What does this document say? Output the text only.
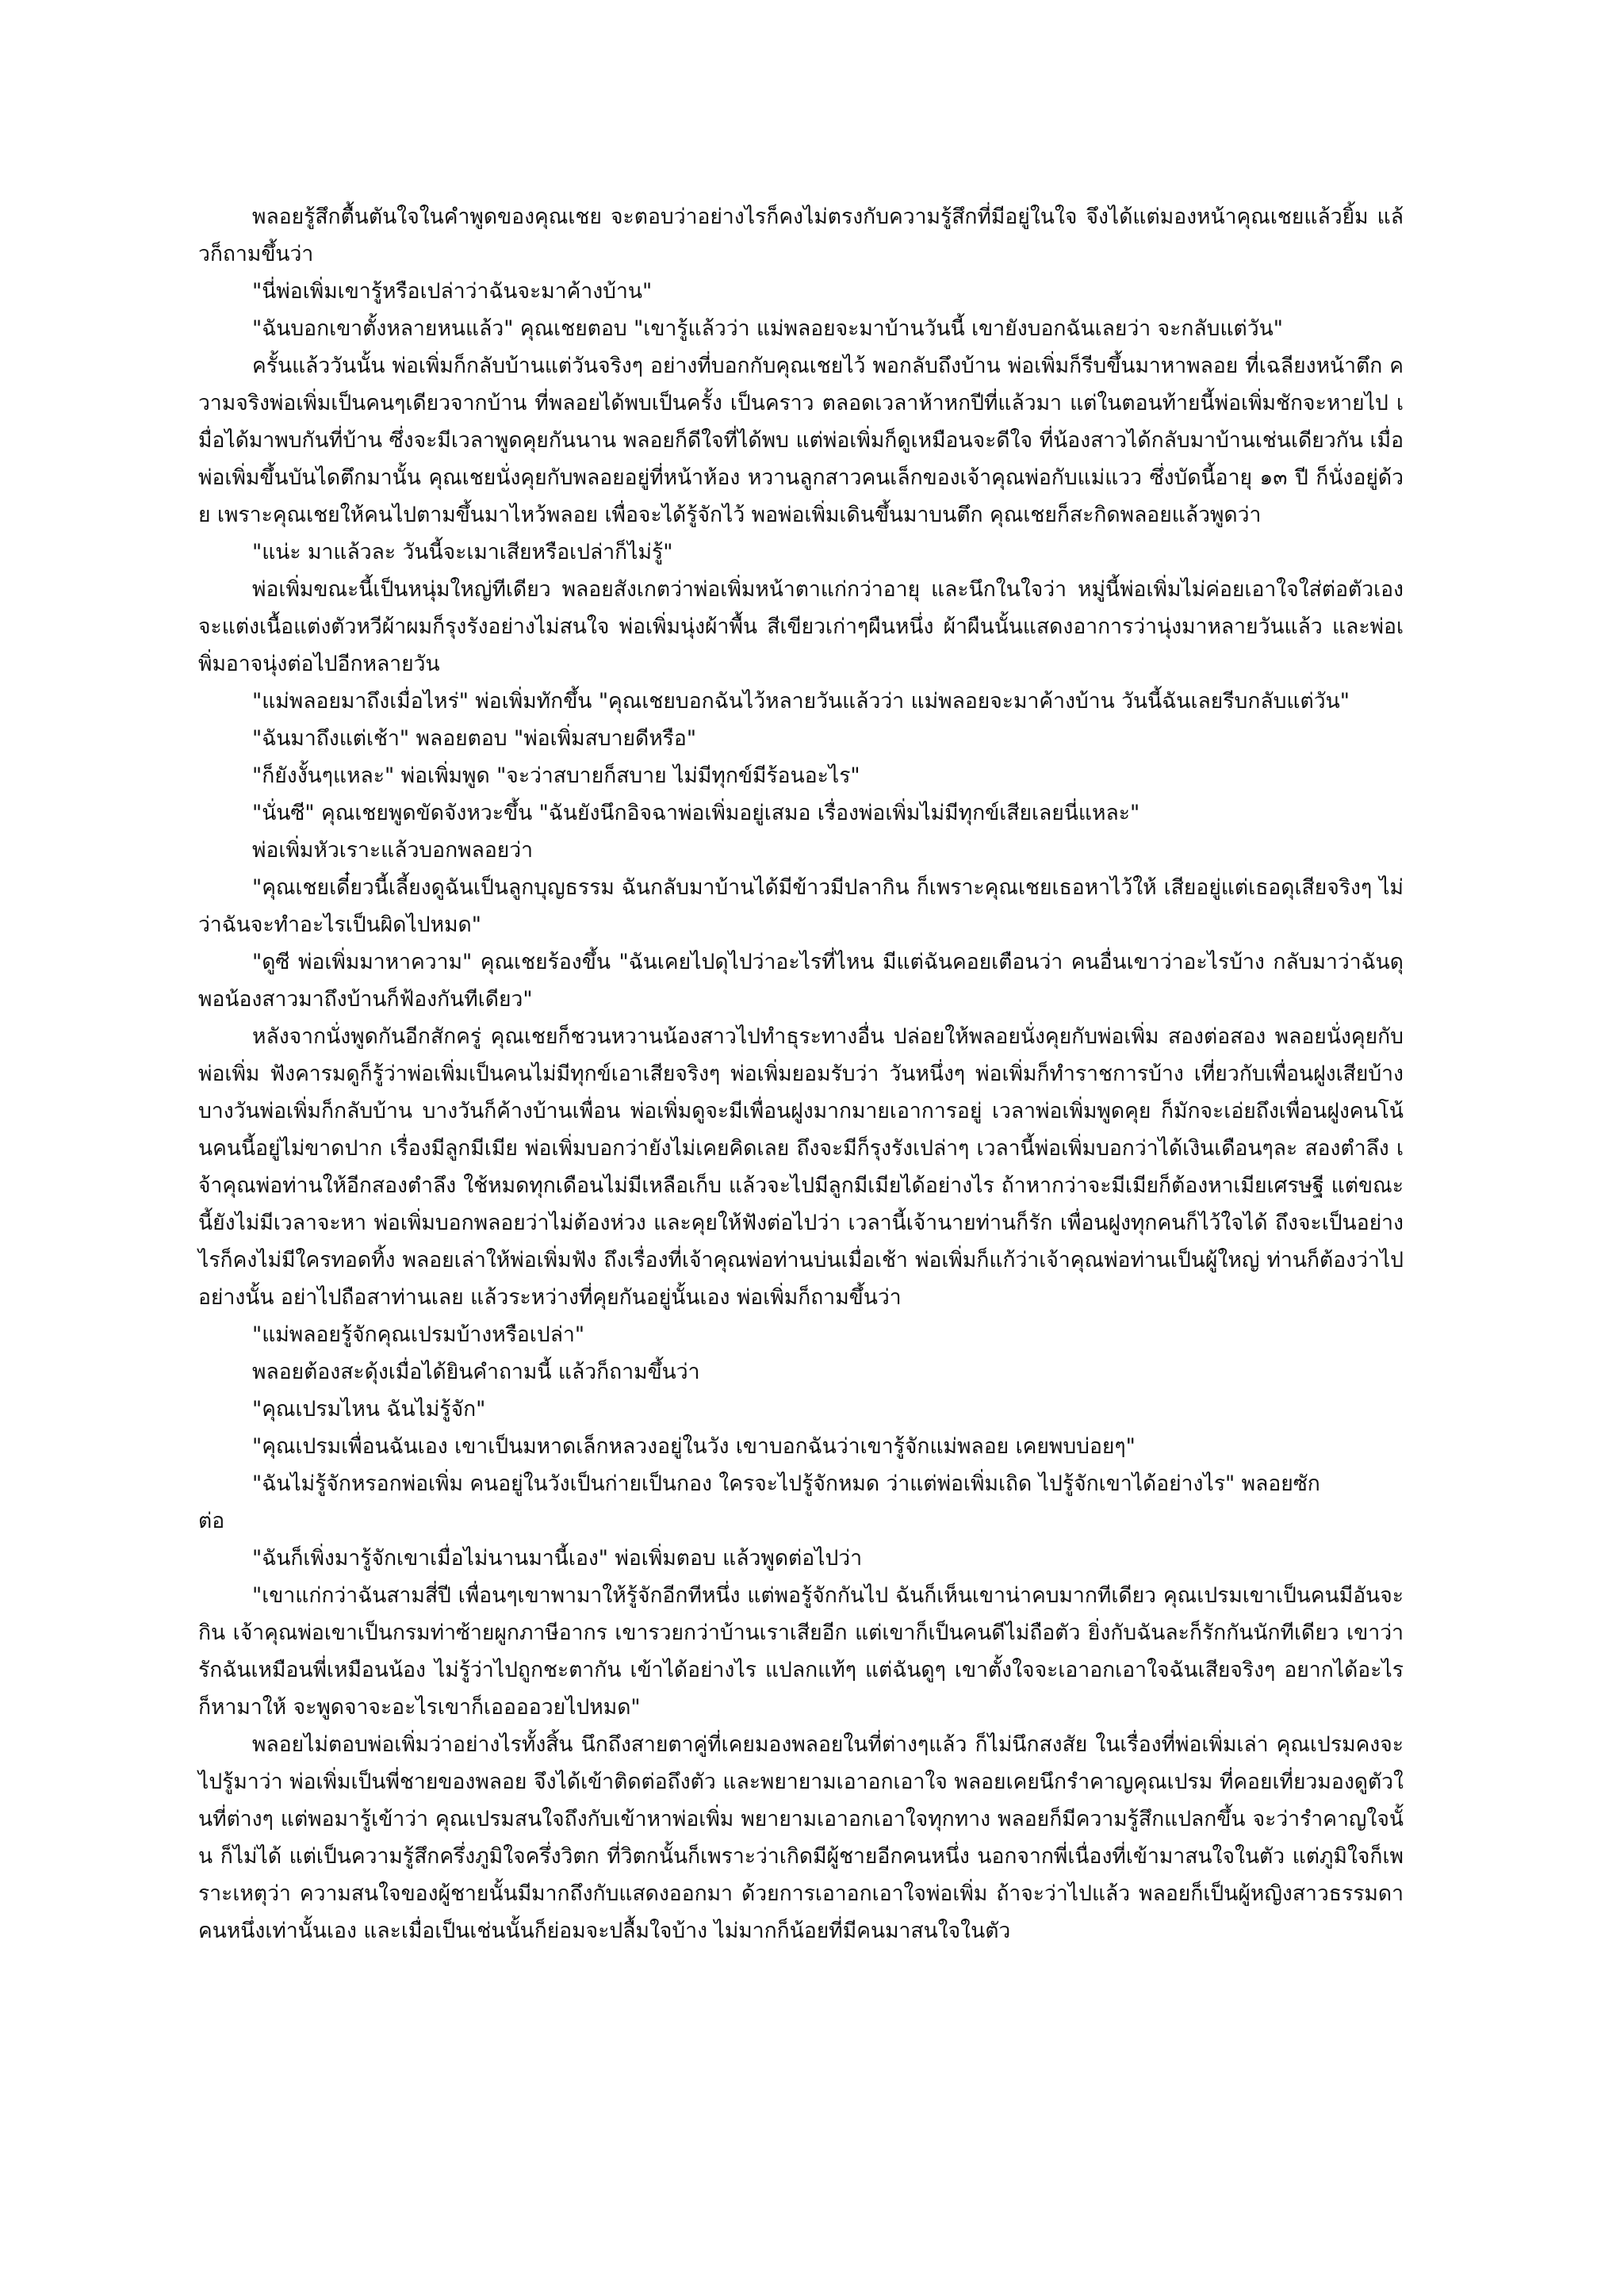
พลอยรู้สึกตื้นตันใจในคำพูดของคุณเชย จะตอบว่าอย่างไรก็คงไม่ตรงกับความรู้สึกที่มีอยู่ในใจ จึงได้แต่มองหน้าคุณเชยแล้วยิ้ม แล้วก็ถามขึ้นว่า

"นี่พ่อเพิ่มเขารู้หรือเปล่าว่าฉันจะมาค้างบ้าน"

"ฉันบอกเขาตั้งหลายหนแล้ว" คุณเชยตอบ "เขารู้แล้วว่า แม่พลอยจะมาบ้านวันนี้ เขายังบอกฉันเลยว่า จะกลับแต่วัน"

ครั้นแล้ววันนั้น พ่อเพิ่มก็กลับบ้านแต่วันจริงๆ อย่างที่บอกกับคุณเชยไว้ พอกลับถึงบ้าน พ่อเพิ่มก็รีบขึ้นมาหาพลอย ที่เฉลียงหน้าตึก ความจริงพ่อเพิ่มเป็นคนๆเดียวจากบ้าน ที่พลอยได้พบเป็นครั้ง เป็นคราว ตลอดเวลาห้าหกปีที่แล้วมา แต่ในตอนท้ายนี้พ่อเพิ่มชักจะหายไป เมื่อได้มาพบกันที่บ้าน ซึ่งจะมีเวลาพูดคุยกันนาน พลอยก็ดีใจที่ได้พบ แต่พ่อเพิ่มก็ดูเหมือนจะดีใจ ที่น้องสาวได้กลับมาบ้านเช่นเดียวกัน เมื่อพ่อเพิ่มขึ้นบันไดตึกมานั้น คุณเชยนั่งคุยกับพลอยอยู่ที่หน้าห้อง หวานลูกสาวคนเล็กของเจ้าคุณพ่อกับแม่แวว ซึ่งบัดนี้อายุ ๑๓ ปี ก็นั่งอยู่ด้วย เพราะคุณเชยให้คนไปตามขึ้นมาไหว้พลอย เพื่อจะได้รู้จักไว้ พอพ่อเพิ่มเดินขึ้นมาบนตึก คุณเชยก็สะกิดพลอยแล้วพูดว่า

"แน่ะ มาแล้วละ วันนี้จะเมาเสียหรือเปล่าก็ไม่รู้"

พ่อเพิ่มขณะนี้เป็นหนุ่มใหญ่ทีเดียว พลอยสังเกตว่าพ่อเพิ่มหน้าตาแก่กว่าอายุ และนึกในใจว่า หมู่นี้พ่อเพิ่มไม่ค่อยเอาใจใส่ต่อตัวเอง จะแต่งเนื้อแต่งตัวหวีผ้าผมก็รุงรังอย่างไม่สนใจ พ่อเพิ่มนุ่งผ้าพื้น สีเขียวเก่าๆผืนหนึ่ง ผ้าผืนนั้นแสดงอาการว่านุ่งมาหลายวันแล้ว และพ่อเพิ่มอาจนุ่งต่อไปอีกหลายวัน

"แม่พลอยมาถึงเมื่อไหร่" พ่อเพิ่มทักขึ้น "คุณเชยบอกฉันไว้หลายวันแล้วว่า แม่พลอยจะมาค้างบ้าน วันนี้ฉันเลยรีบกลับแต่วัน"

"ฉันมาถึงแต่เช้า" พลอยตอบ "พ่อเพิ่มสบายดีหรือ"

"ก็ยังงั้นๆแหละ" พ่อเพิ่มพูด "จะว่าสบายก็สบาย ไม่มีทุกข์มีร้อนอะไร"

"นั่นซี" คุณเชยพูดขัดจังหวะขึ้น "ฉันยังนึกอิจฉาพ่อเพิ่มอยู่เสมอ เรื่องพ่อเพิ่มไม่มีทุกข์เสียเลยนี่แหละ"

พ่อเพิ่มหัวเราะแล้วบอกพลอยว่า

"คุณเชยเดี๋ยวนี้เลี้ยงดูฉันเป็นลูกบุญธรรม ฉันกลับมาบ้านได้มีข้าวมีปลากิน ก็เพราะคุณเชยเธอหาไว้ให้ เสียอยู่แต่เธอดุเสียจริงๆ ไม่ว่าฉันจะทำอะไรเป็นผิดไปหมด"

"ดูซี พ่อเพิ่มมาหาความ" คุณเชยร้องขึ้น "ฉันเคยไปดุไปว่าอะไรที่ไหน มีแต่ฉันคอยเตือนว่า คนอื่นเขาว่าอะไรบ้าง กลับมาว่าฉันดุ พอน้องสาวมาถึงบ้านก็ฟ้องกันทีเดียว"

หลังจากนั่งพูดกันอีกสักครู่ คุณเชยก็ชวนหวานน้องสาวไปทำธุระทางอื่น ปล่อยให้พลอยนั่งคุยกับพ่อเพิ่ม สองต่อสอง พลอยนั่งคุยกับพ่อเพิ่ม ฟังคารมดูก็รู้ว่าพ่อเพิ่มเป็นคนไม่มีทุกข์เอาเสียจริงๆ พ่อเพิ่มยอมรับว่า วันหนึ่งๆ พ่อเพิ่มก็ทำราชการบ้าง เที่ยวกับเพื่อนฝูงเสียบ้าง บางวันพ่อเพิ่มก็กลับบ้าน บางวันก็ค้างบ้านเพื่อน พ่อเพิ่มดูจะมีเพื่อนฝูงมากมายเอาการอยู่ เวลาพ่อเพิ่มพูดคุย ก็มักจะเอ่ยถึงเพื่อนฝูงคนโน้นคนนี้อยู่ไม่ขาดปาก เรื่องมีลูกมีเมีย พ่อเพิ่มบอกว่ายังไม่เคยคิดเลย ถึงจะมีก็รุงรังเปล่าๆ เวลานี้พ่อเพิ่มบอกว่าได้เงินเดือนๆละ สองตำลึง เจ้าคุณพ่อท่านให้อีกสองตำลึง ใช้หมดทุกเดือนไม่มีเหลือเก็บ แล้วจะไปมีลูกมีเมียได้อย่างไร ถ้าหากว่าจะมีเมียก็ต้องหาเมียเศรษฐี แต่ขณะนี้ยังไม่มีเวลาจะหา พ่อเพิ่มบอกพลอยว่าไม่ต้องห่วง และคุยให้ฟังต่อไปว่า เวลานี้เจ้านายท่านก็รัก เพื่อนฝูงทุกคนก็ไว้ใจได้ ถึงจะเป็นอย่างไรก็คงไม่มีใครทอดทิ้ง พลอยเล่าให้พ่อเพิ่มฟัง ถึงเรื่องที่เจ้าคุณพ่อท่านบ่นเมื่อเช้า พ่อเพิ่มก็แก้ว่าเจ้าคุณพ่อท่านเป็นผู้ใหญ่ ท่านก็ต้องว่าไปอย่างนั้น อย่าไปถือสาท่านเลย แล้วระหว่างที่คุยกันอยู่นั้นเอง พ่อเพิ่มก็ถามขึ้นว่า

"แม่พลอยรู้จักคุณเปรมบ้างหรือเปล่า"

พลอยต้องสะดุ้งเมื่อได้ยินคำถามนี้ แล้วก็ถามขึ้นว่า

"คุณเปรมไหน ฉันไม่รู้จัก"

"คุณเปรมเพื่อนฉันเอง เขาเป็นมหาดเล็กหลวงอยู่ในวัง เขาบอกฉันว่าเขารู้จักแม่พลอย เคยพบบ่อยๆ"

"ฉันไม่รู้จักหรอกพ่อเพิ่ม คนอยู่ในวังเป็นก่ายเป็นกอง ใครจะไปรู้จักหมด ว่าแต่พ่อเพิ่มเถิด ไปรู้จักเขาได้อย่างไร" พลอยซัก

ต่อ

"ฉันก็เพิ่งมารู้จักเขาเมื่อไม่นานมานี้เอง" พ่อเพิ่มตอบ แล้วพูดต่อไปว่า

"เขาแก่กว่าฉันสามสี่ปี เพื่อนๆเขาพามาให้รู้จักอีกทีหนึ่ง แต่พอรู้จักกันไป ฉันก็เห็นเขาน่าคบมากทีเดียว คุณเปรมเขาเป็นคนมีอันจะกิน เจ้าคุณพ่อเขาเป็นกรมท่าซ้ายผูกภาษีอากร เขารวยกว่าบ้านเราเสียอีก แต่เขาก็เป็นคนดีไม่ถือตัว ยิ่งกับฉันละก็รักกันนักทีเดียว เขาว่ารักฉันเหมือนพี่เหมือนน้อง ไม่รู้ว่าไปถูกชะตากัน เข้าได้อย่างไร แปลกแท้ๆ แต่ฉันดูๆ เขาตั้งใจจะเอาอกเอาใจฉันเสียจริงๆ อยากได้อะไรก็หามาให้ จะพูดจาจะอะไรเขาก็เออออวยไปหมด"

พลอยไม่ตอบพ่อเพิ่มว่าอย่างไรทั้งสิ้น นึกถึงสายตาคู่ที่เคยมองพลอยในที่ต่างๆแล้ว ก็ไม่นึกสงสัย ในเรื่องที่พ่อเพิ่มเล่า คุณเปรมคงจะไปรู้มาว่า พ่อเพิ่มเป็นพี่ชายของพลอย จึงได้เข้าติดต่อถึงตัว และพยายามเอาอกเอาใจ พลอยเคยนึกรำคาญคุณเปรม ที่คอยเที่ยวมองดูตัวในที่ต่างๆ แต่พอมารู้เข้าว่า คุณเปรมสนใจถึงกับเข้าหาพ่อเพิ่ม พยายามเอาอกเอาใจทุกทาง พลอยก็มีความรู้สึกแปลกขึ้น จะว่ารำคาญใจนั้น ก็ไม่ได้ แต่เป็นความรู้สึกครึ่งภูมิใจครึ่งวิตก ที่วิตกนั้นก็เพราะว่าเกิดมีผู้ชายอีกคนหนึ่ง นอกจากพี่เนื่องที่เข้ามาสนใจในตัว แต่ภูมิใจก็เพราะเหตุว่า ความสนใจของผู้ชายนั้นมีมากถึงกับแสดงออกมา ด้วยการเอาอกเอาใจพ่อเพิ่ม ถ้าจะว่าไปแล้ว พลอยก็เป็นผู้หญิงสาวธรรมดาคนหนึ่งเท่านั้นเอง และเมื่อเป็นเช่นนั้นก็ย่อมจะปลื้มใจบ้าง ไม่มากก็น้อยที่มีคนมาสนใจในตัว
